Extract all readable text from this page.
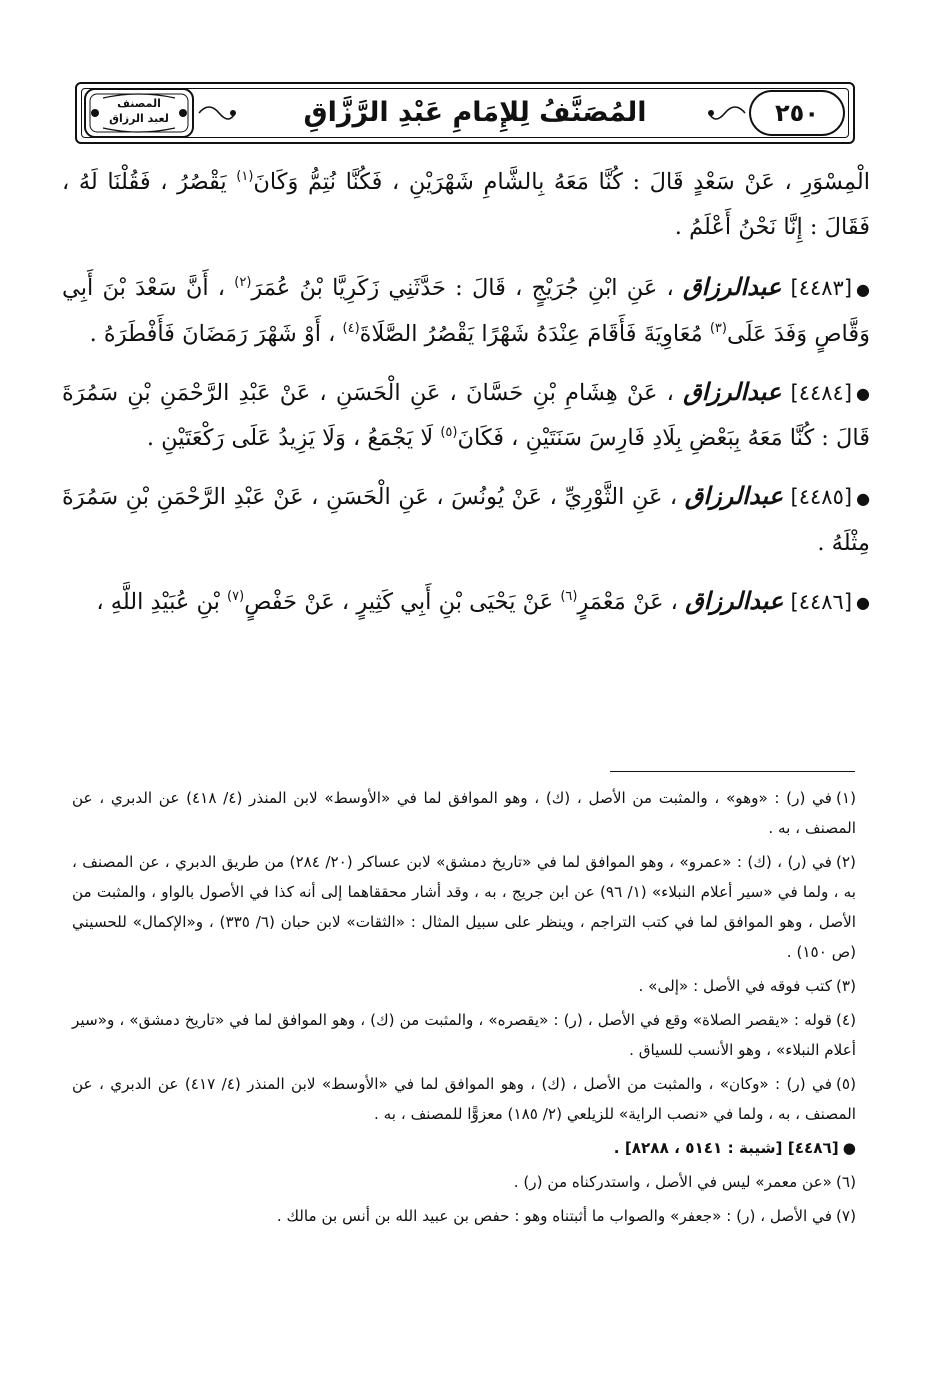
المصنف
لعبد الرزاق	المُصَنَّفُ لِلإِمَامِ عَبْدِ الرَّزَّاقِ	٢٥٠

الْمِسْوَرِ ، عَنْ سَعْدٍ قَالَ : كُنَّا مَعَهُ بِالشَّامِ شَهْرَيْنِ ، فَكُنَّا نُتِمُّ وَكَانَ$^{(١)}$ يَقْصُرُ ، فَقُلْنَا لَهُ ، فَقَالَ : إِنَّا نَحْنُ أَعْلَمُ .

●[٤٤٨٣] عبدالرزاق ، عَنِ ابْنِ جُرَيْجٍ ، قَالَ : حَدَّثَنِي زَكَرِيَّا بْنُ عُمَرَ$^{(٢)}$ ، أَنَّ سَعْدَ بْنَ أَبِي وَقَّاصٍ وَفَدَ عَلَى$^{(٣)}$ مُعَاوِيَةَ فَأَقَامَ عِنْدَهُ شَهْرًا يَقْصُرُ الصَّلَاةَ$^{(٤)}$ ، أَوْ شَهْرَ رَمَضَانَ فَأَفْطَرَهُ .

●[٤٤٨٤] عبدالرزاق ، عَنْ هِشَامِ بْنِ حَسَّانَ ، عَنِ الْحَسَنِ ، عَنْ عَبْدِ الرَّحْمَنِ بْنِ سَمُرَةَ قَالَ : كُنَّا مَعَهُ بِبَعْضِ بِلَادِ فَارِسَ سَنَتَيْنِ ، فَكَانَ$^{(٥)}$ لَا يَجْمَعُ ، وَلَا يَزِيدُ عَلَى رَكْعَتَيْنِ .

●[٤٤٨٥] عبدالرزاق ، عَنِ الثَّوْرِيِّ ، عَنْ يُونُسَ ، عَنِ الْحَسَنِ ، عَنْ عَبْدِ الرَّحْمَنِ بْنِ سَمُرَةَ مِثْلَهُ .

●[٤٤٨٦] عبدالرزاق ، عَنْ مَعْمَرٍ$^{(٦)}$ عَنْ يَحْيَى بْنِ أَبِي كَثِيرٍ ، عَنْ حَفْصٍ$^{(٧)}$ بْنِ عُبَيْدِ اللَّهِ ،

(١)في (ر) : «وهو» ، والمثبت من الأصل ، (ك) ، وهو الموافق لما في «الأوسط» لابن المنذر (٤/ ٤١٨) عن الدبري ، عن المصنف ، به .

(٢)في (ر) ، (ك) : «عمرو» ، وهو الموافق لما في «تاريخ دمشق» لابن عساكر (٢٠/ ٢٨٤) من طريق الدبري ، عن المصنف ، به ، ولما في «سير أعلام النبلاء» (١/ ٩٦) عن ابن جريج ، به ، وقد أشار محققاهما إلى أنه كذا في الأصول بالواو ، والمثبت من الأصل ، وهو الموافق لما في كتب التراجم ، وينظر على سبيل المثال : «الثقات» لابن حبان (٦/ ٣٣٥) ، و«الإكمال» للحسيني (ص ١٥٠) .

(٣)كتب فوقه في الأصل : «إلى» .

(٤)قوله : «يقصر الصلاة» وقع في الأصل ، (ر) : «يقصره» ، والمثبت من (ك) ، وهو الموافق لما في «تاريخ دمشق» ، و«سير أعلام النبلاء» ، وهو الأنسب للسياق .

(٥)في (ر) : «وكان» ، والمثبت من الأصل ، (ك) ، وهو الموافق لما في «الأوسط» لابن المنذر (٤/ ٤١٧) عن الدبري ، عن المصنف ، به ، ولما في «نصب الراية» للزيلعي (٢/ ١٨٥) معزوًّا للمصنف ، به .

●[٤٤٨٦] [شيبة : ٥١٤١ ، ٨٢٨٨] .

(٦)«عن معمر» ليس في الأصل ، واستدركناه من (ر) .

(٧)في الأصل ، (ر) : «جعفر» والصواب ما أثبتناه وهو : حفص بن عبيد الله بن أنس بن مالك .
